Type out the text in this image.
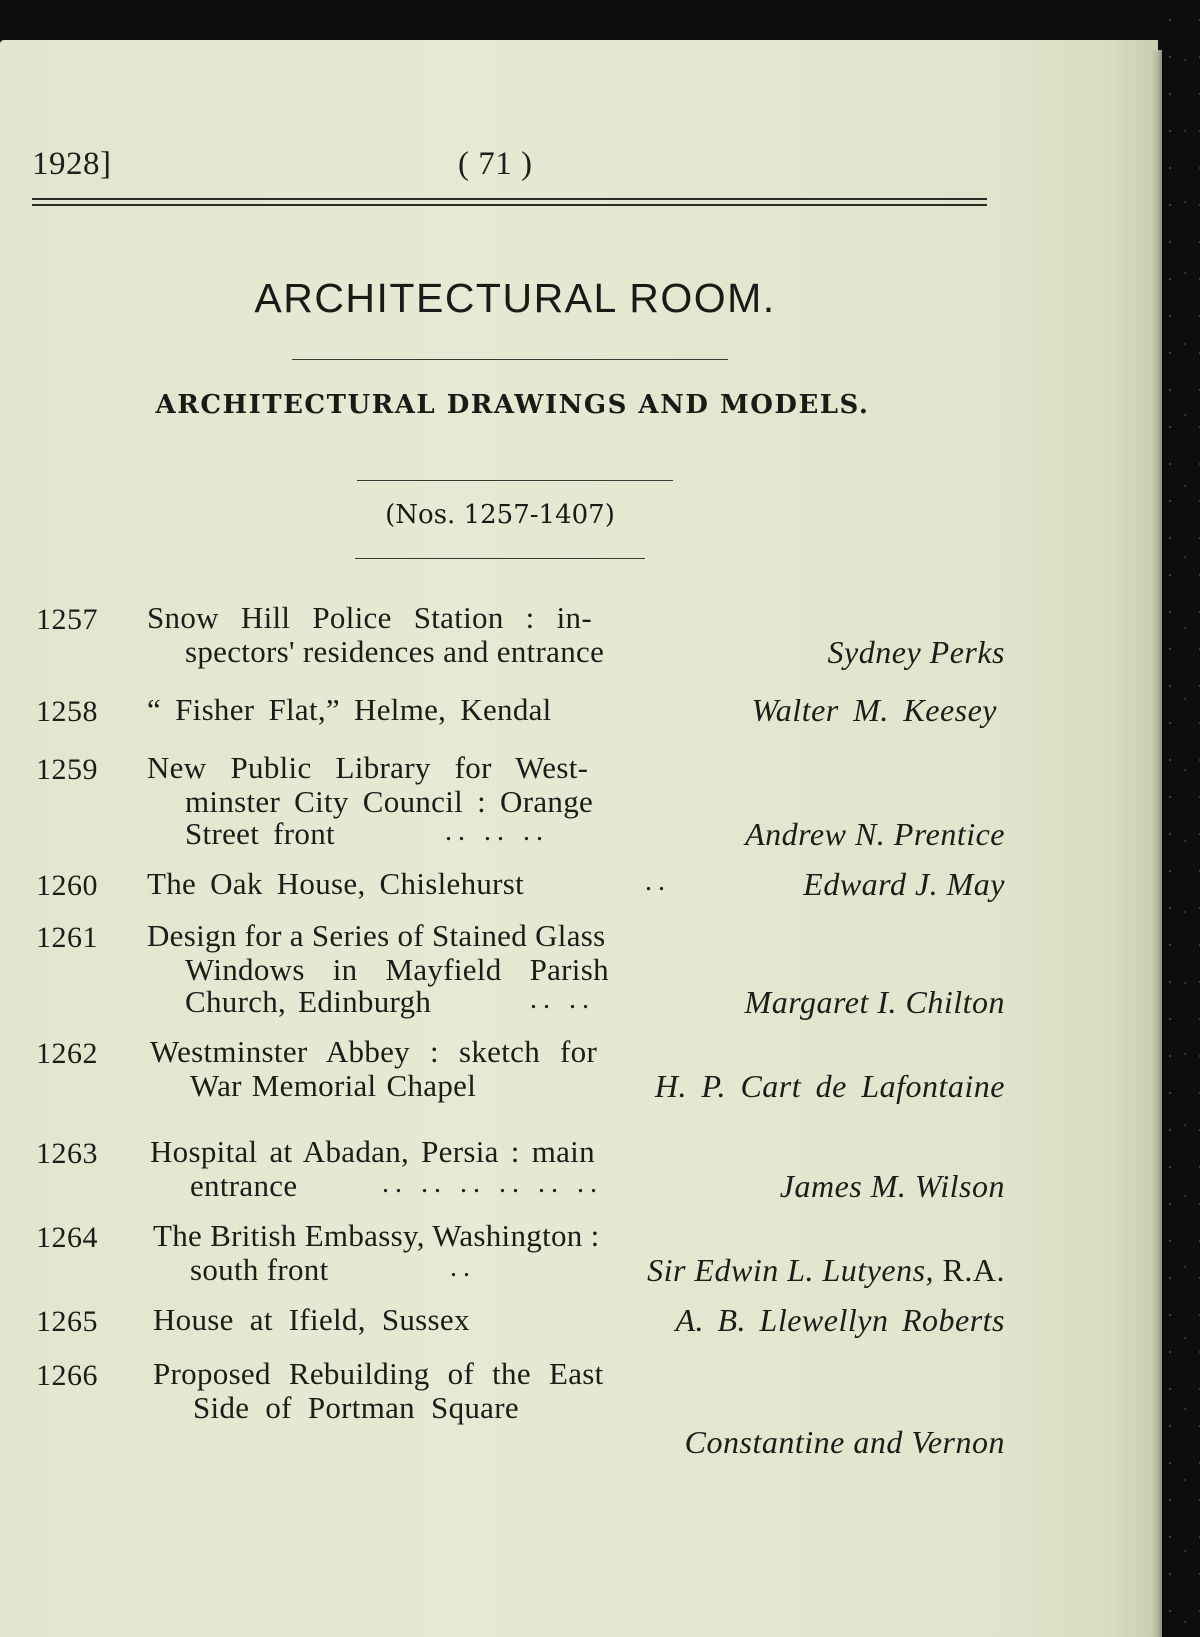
1928]	( 71 )
ARCHITECTURAL ROOM.
ARCHITECTURAL DRAWINGS AND MODELS.
(Nos. 1257-1407)
1257 Snow Hill Police Station : in-
spectors' residences and entrance	Sydney Perks
1258 “ Fisher Flat,” Helme, Kendal	Walter M. Keesey
1259 New Public Library for West-
minster City Council : Orange
Street front	.. .. ..	Andrew N. Prentice
1260 The Oak House, Chislehurst	..	Edward J. May
1261 Design for a Series of Stained Glass
Windows in Mayfield Parish
Church, Edinburgh	.. ..	Margaret I. Chilton
1262 Westminster Abbey : sketch for
War Memorial Chapel	H. P. Cart de Lafontaine
1263 Hospital at Abadan, Persia : main
entrance	.. .. .. .. .. ..	James M. Wilson
1264 The British Embassy, Washington :
south front	..	Sir Edwin L. Lutyens, R.A.
1265 House at Ifield, Sussex	A. B. Llewellyn Roberts
1266 Proposed Rebuilding of the East
Side of Portman Square
Constantine and Vernon
